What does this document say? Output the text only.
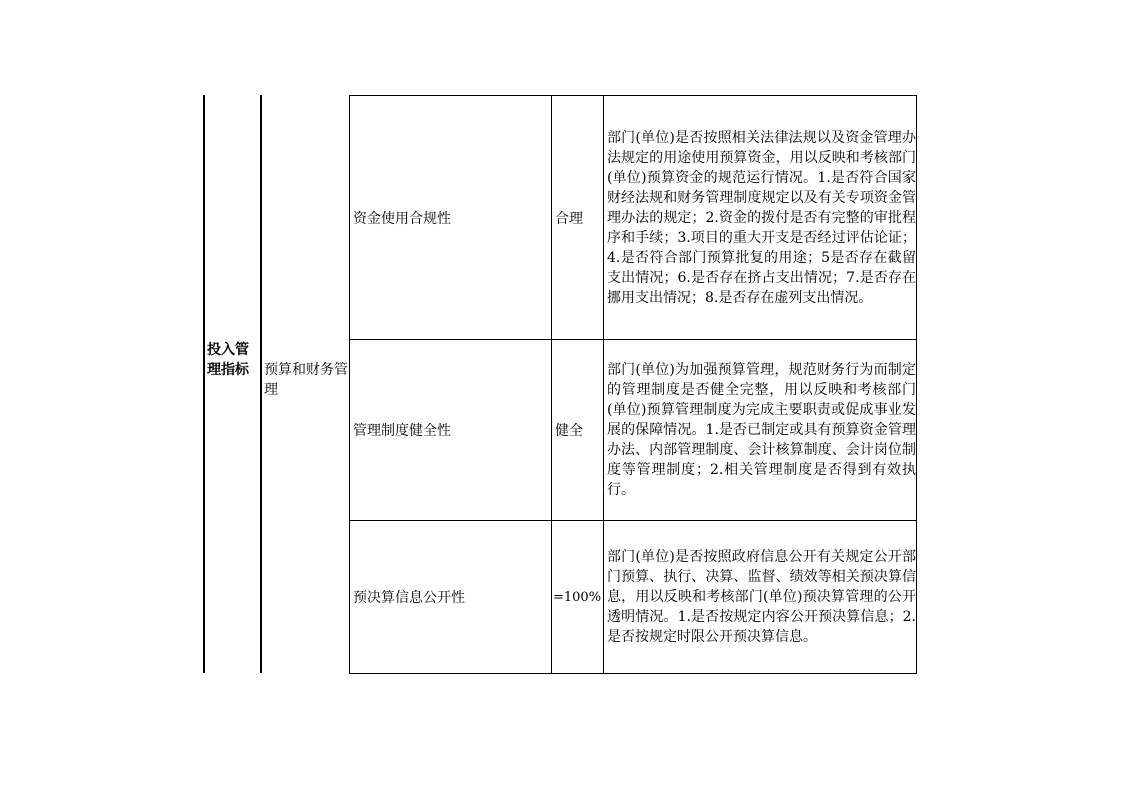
投入管理指标	预算和财务管理
资金使用合规性	合理	部门(单位)是否按照相关法律法规以及资金管理办法规定的用途使用预算资金，用以反映和考核部门(单位)预算资金的规范运行情况。1.是否符合国家财经法规和财务管理制度规定以及有关专项资金管理办法的规定；2.资金的拨付是否有完整的审批程序和手续；3.项目的重大开支是否经过评估论证；4.是否符合部门预算批复的用途；5是否存在截留支出情况；6.是否存在挤占支出情况；7.是否存在挪用支出情况；8.是否存在虚列支出情况。
管理制度健全性	健全	部门(单位)为加强预算管理，规范财务行为而制定的管理制度是否健全完整，用以反映和考核部门(单位)预算管理制度为完成主要职责或促成事业发展的保障情况。1.是否已制定或具有预算资金管理办法、内部管理制度、会计核算制度、会计岗位制度等管理制度；2.相关管理制度是否得到有效执行。
预决算信息公开性	=100%	部门(单位)是否按照政府信息公开有关规定公开部门预算、执行、决算、监督、绩效等相关预决算信息，用以反映和考核部门(单位)预决算管理的公开透明情况。1.是否按规定内容公开预决算信息；2.是否按规定时限公开预决算信息。
